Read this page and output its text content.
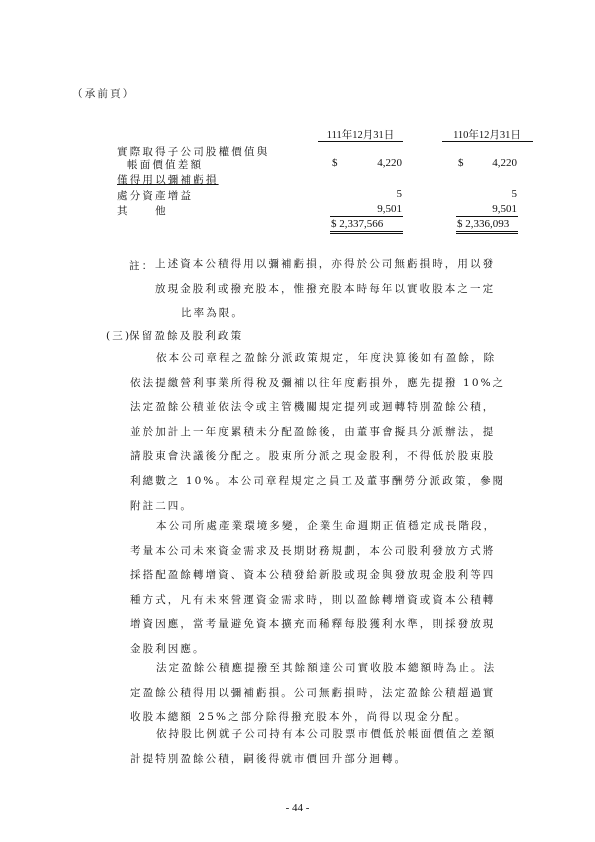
（承前頁）
111年12月31日	110年12月31日
實際取得子公司股權價值與
帳面價值差額	$	4,220	$	4,220
僅得用以彌補虧損
處分資產增益	5	5
其　　他	9,501	9,501
$ 2,337,566	$ 2,336,093
註： 上述資本公積得用以彌補虧損，亦得於公司無虧損時，用以發
放現金股利或撥充股本，惟撥充股本時每年以實收股本之一定
比率為限。
(三)
保留盈餘及股利政策
依本公司章程之盈餘分派政策規定，年度決算後如有盈餘，除
依法提繳營利事業所得稅及彌補以往年度虧損外，應先提撥 10%之
法定盈餘公積並依法令或主管機關規定提列或迴轉特別盈餘公積，
並於加計上一年度累積未分配盈餘後，由董事會擬具分派辦法，提
請股東會決議後分配之。股東所分派之現金股利，不得低於股東股
利總數之 10%。本公司章程規定之員工及董事酬勞分派政策，參閱
附註二四。
本公司所處產業環境多變，企業生命週期正值穩定成長階段，
考量本公司未來資金需求及長期財務規劃，本公司股利發放方式將
採搭配盈餘轉增資、資本公積發給新股或現金與發放現金股利等四
種方式，凡有未來營運資金需求時，則以盈餘轉增資或資本公積轉
增資因應，當考量避免資本擴充而稀釋每股獲利水準，則採發放現
金股利因應。
法定盈餘公積應提撥至其餘額達公司實收股本總額時為止。法
定盈餘公積得用以彌補虧損。公司無虧損時，法定盈餘公積超過實
收股本總額 25%之部分除得撥充股本外，尚得以現金分配。
依持股比例就子公司持有本公司股票市價低於帳面價值之差額
計提特別盈餘公積，嗣後得就市價回升部分迴轉。
- 44 -
